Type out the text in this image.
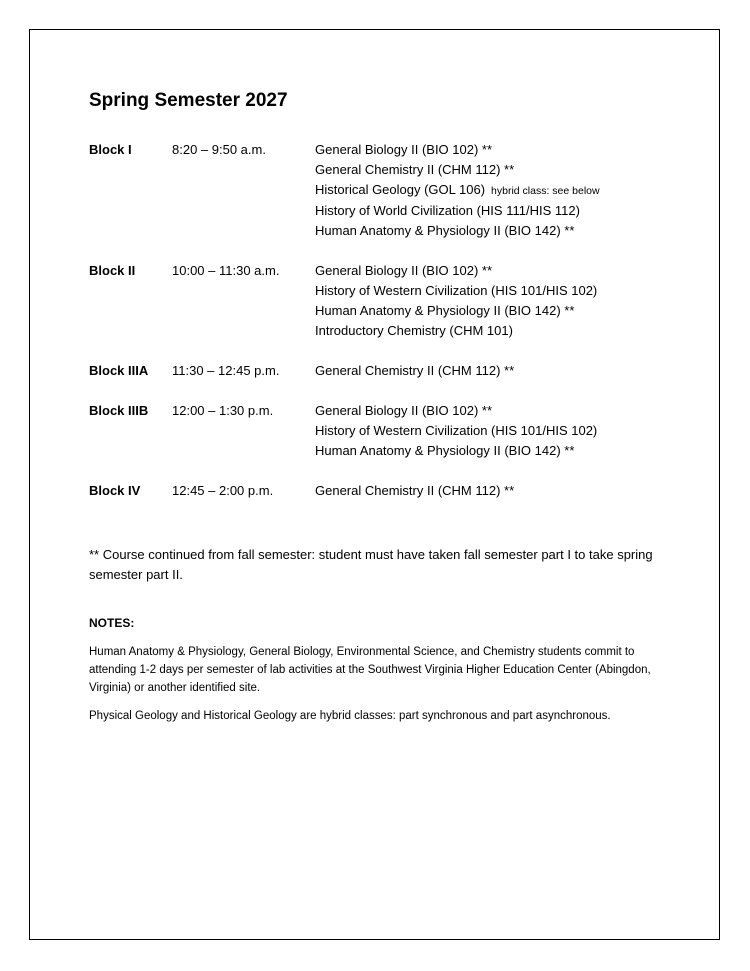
Spring Semester 2027
Block I	8:20 – 9:50 a.m.	General Biology II (BIO 102) **
General Chemistry II (CHM 112) **
Historical Geology (GOL 106) hybrid class: see below
History of World Civilization (HIS 111/HIS 112)
Human Anatomy & Physiology II (BIO 142) **
Block II	10:00 – 11:30 a.m.	General Biology II (BIO 102) **
History of Western Civilization (HIS 101/HIS 102)
Human Anatomy & Physiology II (BIO 142) **
Introductory Chemistry (CHM 101)
Block IIIA 11:30 – 12:45 p.m.	General Chemistry II (CHM 112) **
Block IIIB 12:00 – 1:30 p.m.	General Biology II (BIO 102) **
History of Western Civilization (HIS 101/HIS 102)
Human Anatomy & Physiology II (BIO 142) **
Block IV 12:45 – 2:00 p.m.	General Chemistry II (CHM 112) **
** Course continued from fall semester: student must have taken fall semester part I to take spring semester part II.
NOTES:
Human Anatomy & Physiology, General Biology, Environmental Science, and Chemistry students commit to attending 1-2 days per semester of lab activities at the Southwest Virginia Higher Education Center (Abingdon, Virginia) or another identified site.
Physical Geology and Historical Geology are hybrid classes: part synchronous and part asynchronous.
